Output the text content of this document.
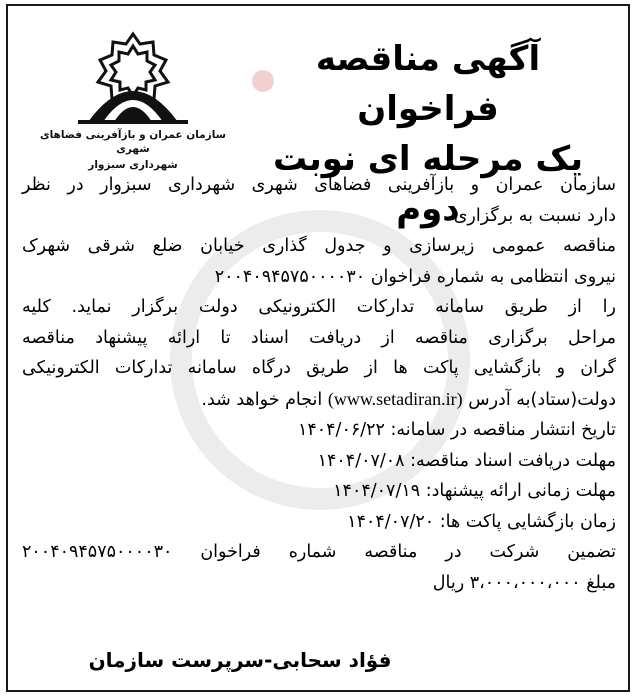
سازمان عمران و بازآفرینی فضاهای شهری
شهرداری سبزوار
آگهی مناقصه فراخوان
یک مرحله ای نوبت دوم
سازمان عمران و بازآفرینی فضاهای شهری شهرداری سبزوار در نظر
دارد نسبت به برگزاری
مناقصه عمومی زیرسازی و جدول گذاری خیابان ضلع شرقی شهرک
نیروی انتظامی به شماره فراخوان ۲۰۰۴۰۹۴۵۷۵۰۰۰۰۳۰
را از طریق سامانه تدارکات الکترونیکی دولت برگزار نماید. کلیه
مراحل برگزاری مناقصه از دریافت اسناد تا ارائه پیشنهاد مناقصه
گران و بازگشایی پاکت ها از طریق درگاه سامانه تدارکات الکترونیکی
دولت(ستاد)به آدرس (www.setadiran.ir) انجام خواهد شد.
تاریخ انتشار مناقصه در سامانه: ۱۴۰۴/۰۶/۲۲
مهلت دریافت اسناد مناقصه: ۱۴۰۴/۰۷/۰۸
مهلت زمانی ارائه پیشنهاد: ۱۴۰۴/۰۷/۱۹
زمان بازگشایی پاکت ها: ۱۴۰۴/۰۷/۲۰
تضمین شرکت در مناقصه شماره فراخوان ۲۰۰۴۰۹۴۵۷۵۰۰۰۰۳۰
مبلغ ۳،۰۰۰،۰۰۰،۰۰۰ ریال
فؤاد سحابی-سرپرست سازمان
